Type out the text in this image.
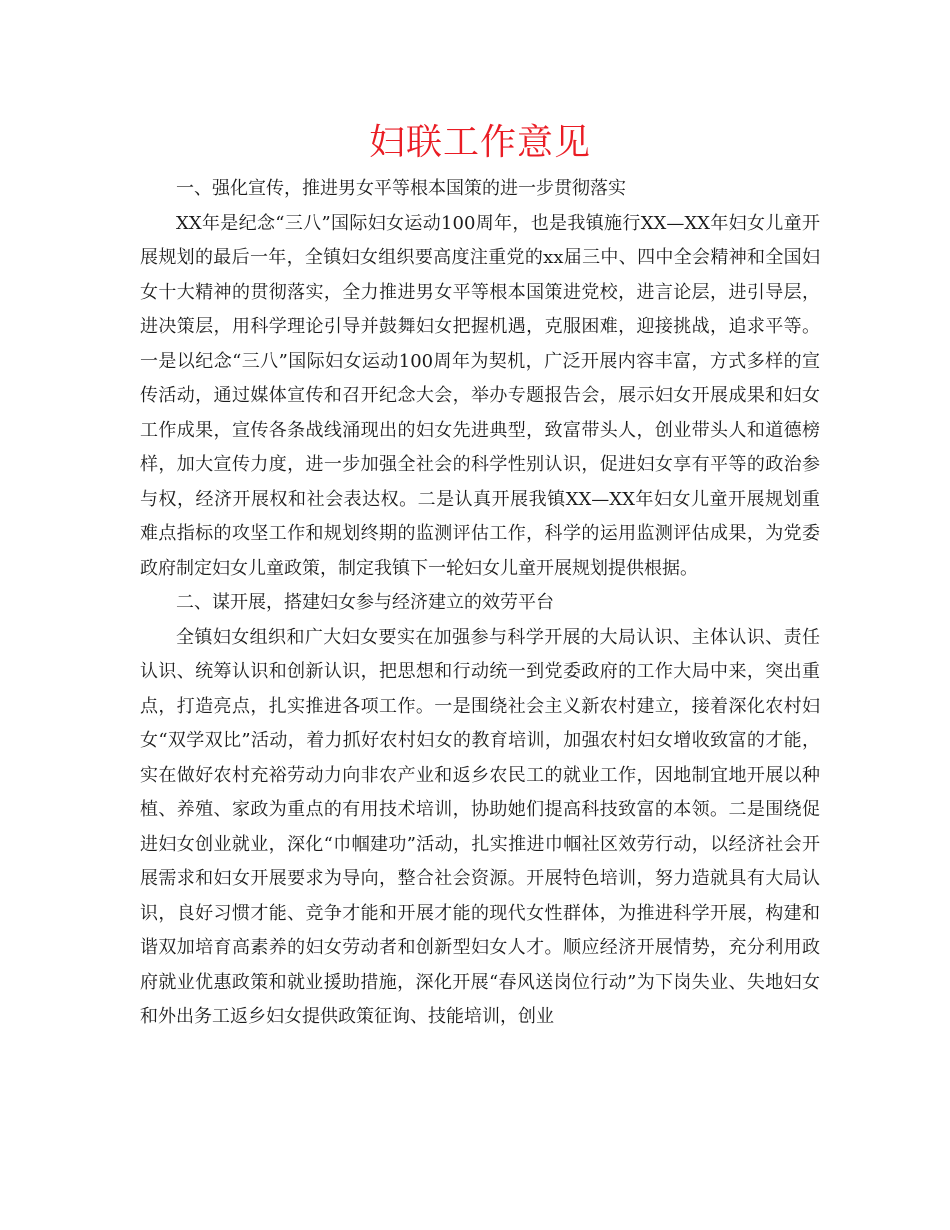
妇联工作意见

一、强化宣传，推进男女平等根本国策的进一步贯彻落实

XX年是纪念“三八”国际妇女运动100周年，也是我镇施行XX—XX年妇女儿童开展规划的最后一年，全镇妇女组织要高度注重党的xx届三中、四中全会精神和全国妇女十大精神的贯彻落实，全力推进男女平等根本国策进党校，进言论层，进引导层，进决策层，用科学理论引导并鼓舞妇女把握机遇，克服困难，迎接挑战，追求平等。一是以纪念“三八”国际妇女运动100周年为契机，广泛开展内容丰富，方式多样的宣传活动，通过媒体宣传和召开纪念大会，举办专题报告会，展示妇女开展成果和妇女工作成果，宣传各条战线涌现出的妇女先进典型，致富带头人，创业带头人和道德榜样，加大宣传力度，进一步加强全社会的科学性别认识，促进妇女享有平等的政治参与权，经济开展权和社会表达权。二是认真开展我镇XX—XX年妇女儿童开展规划重难点指标的攻坚工作和规划终期的监测评估工作，科学的运用监测评估成果，为党委政府制定妇女儿童政策，制定我镇下一轮妇女儿童开展规划提供根据。

二、谋开展，搭建妇女参与经济建立的效劳平台

全镇妇女组织和广大妇女要实在加强参与科学开展的大局认识、主体认识、责任认识、统筹认识和创新认识，把思想和行动统一到党委政府的工作大局中来，突出重点，打造亮点，扎实推进各项工作。一是围绕社会主义新农村建立，接着深化农村妇女“双学双比”活动，着力抓好农村妇女的教育培训，加强农村妇女增收致富的才能，实在做好农村充裕劳动力向非农产业和返乡农民工的就业工作，因地制宜地开展以种植、养殖、家政为重点的有用技术培训，协助她们提高科技致富的本领。二是围绕促进妇女创业就业，深化“巾帼建功”活动，扎实推进巾帼社区效劳行动，以经济社会开展需求和妇女开展要求为导向，整合社会资源。开展特色培训，努力造就具有大局认识，良好习惯才能、竞争才能和开展才能的现代女性群体，为推进科学开展，构建和谐双加培育高素养的妇女劳动者和创新型妇女人才。顺应经济开展情势，充分利用政府就业优惠政策和就业援助措施，深化开展“春风送岗位行动”为下岗失业、失地妇女和外出务工返乡妇女提供政策征询、技能培训，创业
